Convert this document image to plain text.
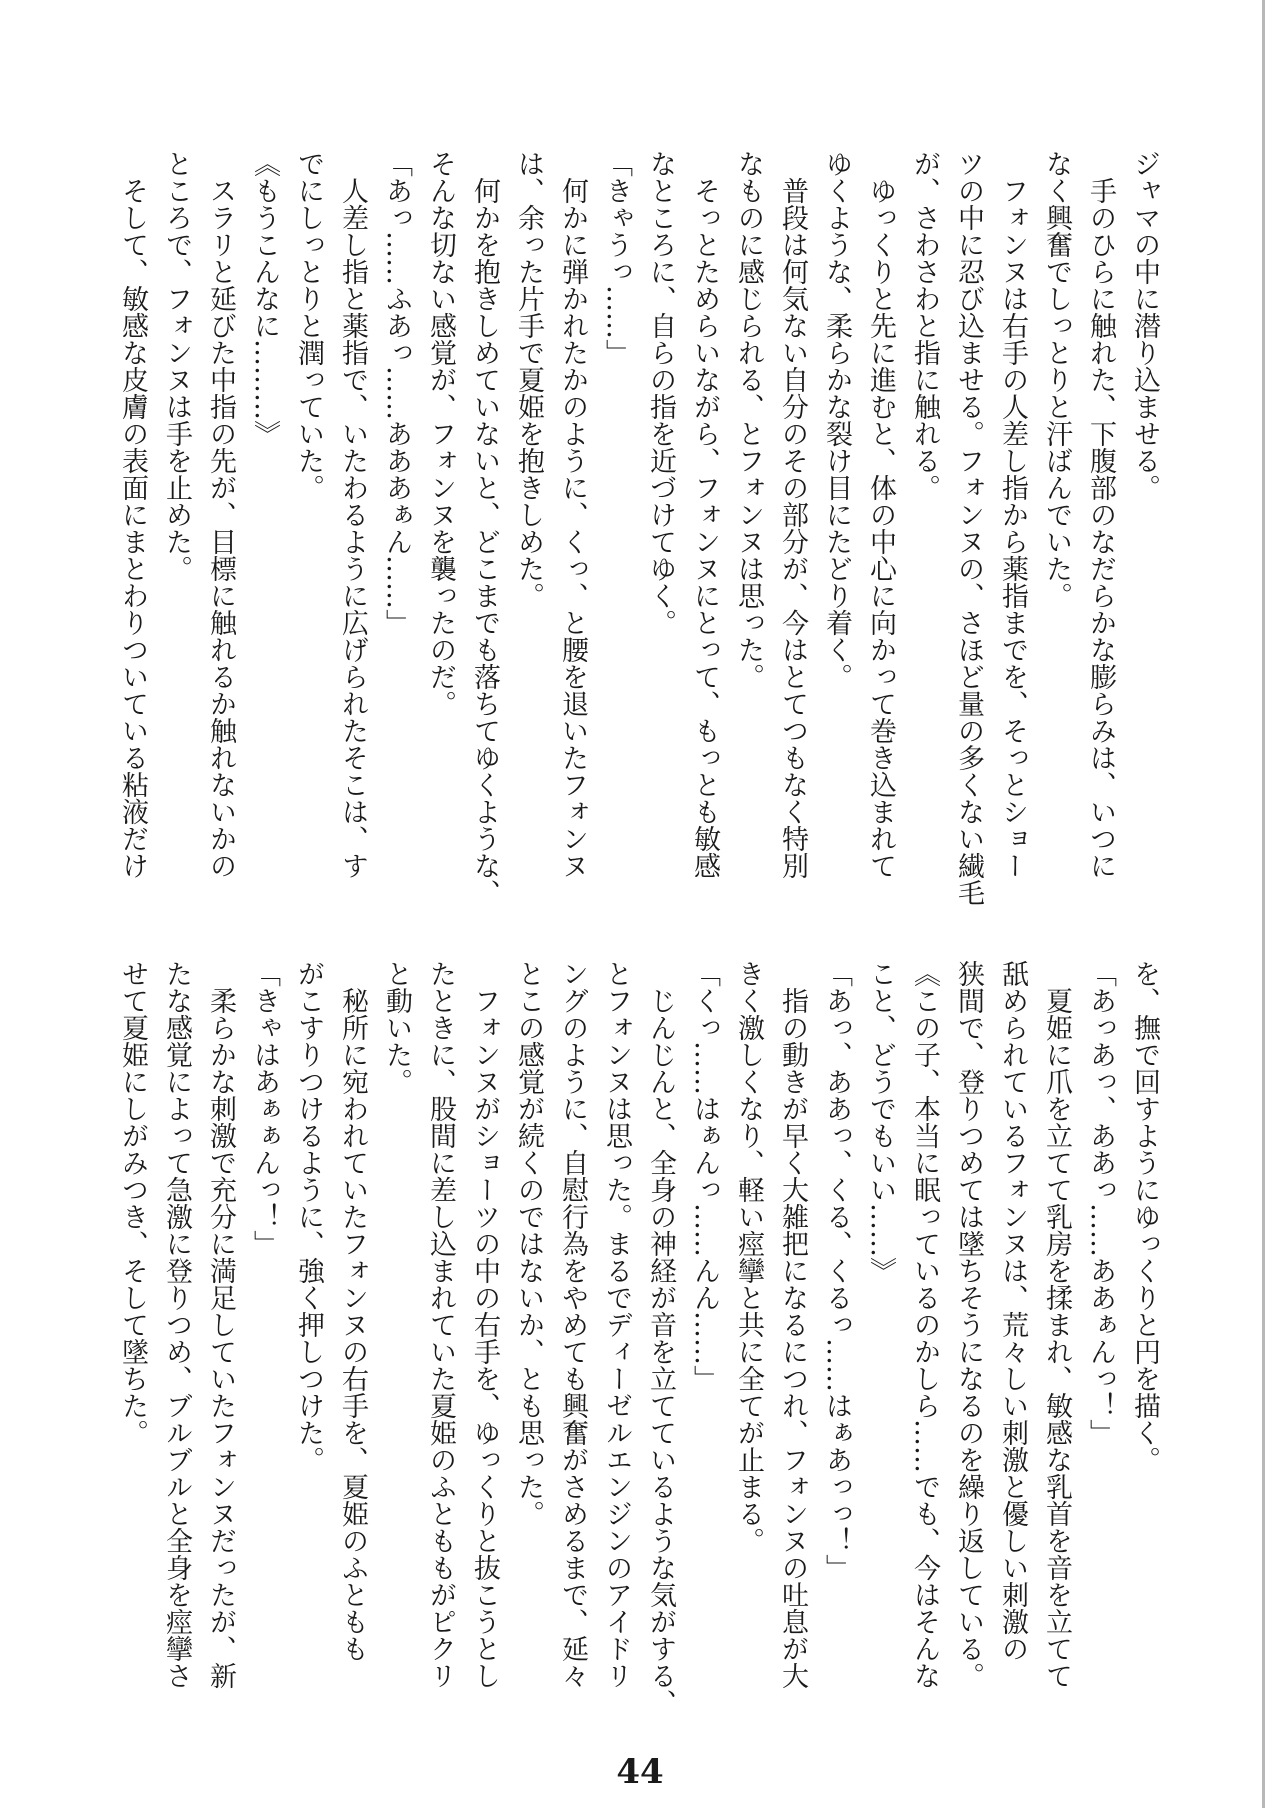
ジャマの中に潜り込ませる。
　手のひらに触れた、下腹部のなだらかな膨らみは、いつに
なく興奮でしっとりと汗ばんでいた。
　フォンヌは右手の人差し指から薬指までを、そっとショー
ツの中に忍び込ませる。フォンヌの、さほど量の多くない繊毛
が、さわさわと指に触れる。
　ゆっくりと先に進むと、体の中心に向かって巻き込まれて
ゆくような、柔らかな裂け目にたどり着く。
　普段は何気ない自分のその部分が、今はとてつもなく特別
なものに感じられる、とフォンヌは思った。
　そっとためらいながら、フォンヌにとって、もっとも敏感
なところに、自らの指を近づけてゆく。
「きゃうっ……」
　何かに弾かれたかのように、くっ、と腰を退いたフォンヌ
は、余った片手で夏姫を抱きしめた。
　何かを抱きしめていないと、どこまでも落ちてゆくような、
そんな切ない感覚が、フォンヌを襲ったのだ。
「あっ……ふあっ……あああぁん……」
　人差し指と薬指で、いたわるように広げられたそこは、す
でにしっとりと潤っていた。
《もうこんなに………》
　スラリと延びた中指の先が、目標に触れるか触れないかの
ところで、フォンヌは手を止めた。
　そして、敏感な皮膚の表面にまとわりついている粘液だけ
を、撫で回すようにゆっくりと円を描く。
「あっあっ、ああっ……ああぁんっ！」
　夏姫に爪を立てて乳房を揉まれ、敏感な乳首を音を立てて
舐められているフォンヌは、荒々しい刺激と優しい刺激の
狭間で、登りつめては墜ちそうになるのを繰り返している。
《この子、本当に眠っているのかしら……でも、今はそんな
こと、どうでもいい……》
「あっ、ああっ、くる、くるっ……はぁあっっ！」
　指の動きが早く大雑把になるにつれ、フォンヌの吐息が大
きく激しくなり、軽い痙攣と共に全てが止まる。
「くっ……はぁんっ……んん……」
　じんじんと、全身の神経が音を立てているような気がする、
とフォンヌは思った。まるでディーゼルエンジンのアイドリ
ングのように、自慰行為をやめても興奮がさめるまで、延々
とこの感覚が続くのではないか、とも思った。
　フォンヌがショーツの中の右手を、ゆっくりと抜こうとし
たときに、股間に差し込まれていた夏姫のふとももがピクリ
と動いた。
　秘所に宛われていたフォンヌの右手を、夏姫のふともも
がこすりつけるように、強く押しつけた。
「きゃはあぁぁんっ！」
　柔らかな刺激で充分に満足していたフォンヌだったが、新
たな感覚によって急激に登りつめ、ブルブルと全身を痙攣さ
せて夏姫にしがみつき、そして墜ちた。
44
